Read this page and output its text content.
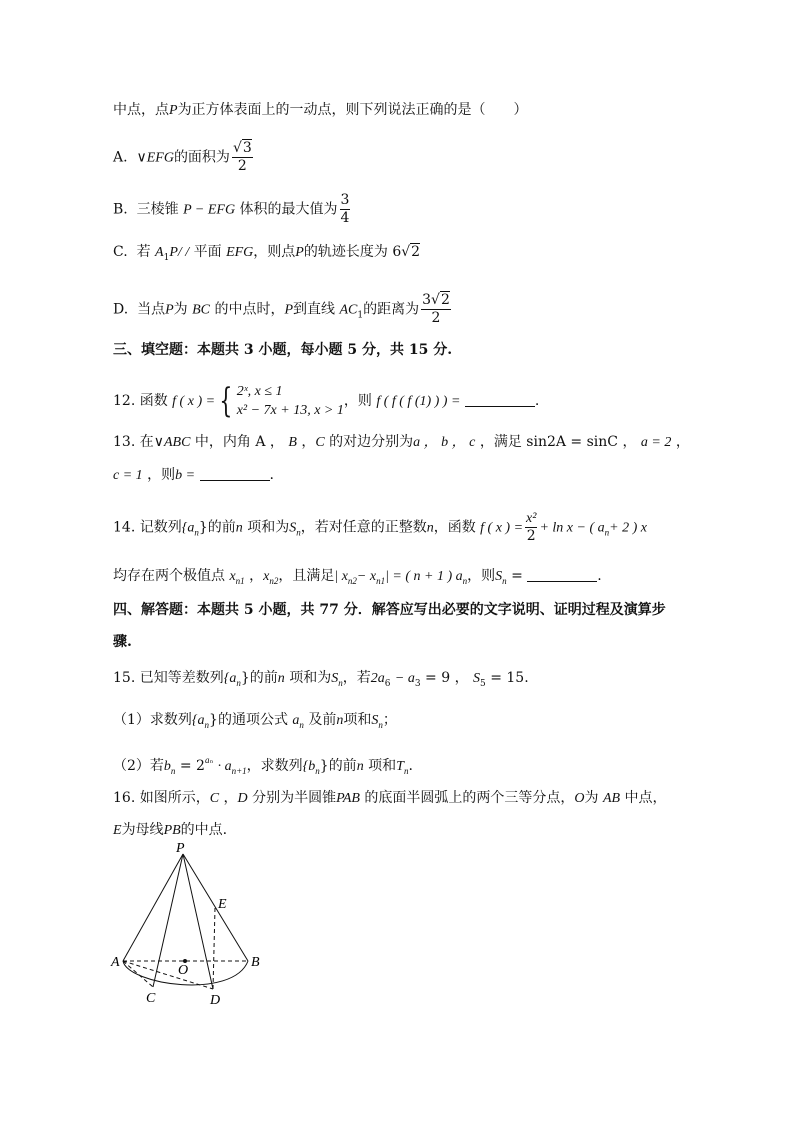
中点，点P为正方体表面上的一动点，则下列说法正确的是（　　）
A. ∨EFG的面积为 $\frac{√3}{2}$
B. 三棱锥 P − EFG 体积的最大值为 $\frac{3}{4}$
C. 若 $A_1P/$ / 平面 EFG，则点P的轨迹长度为 6√2
D. 当点P为 BC 的中点时，P到直线 $AC_1$的距离为 $\frac{3√2}{2}$
三、填空题：本题共 3 小题，每小题 5 分，共 15 分.
12. 函数 f ( x ) = { 2ˣ, x ≤ 1
x² − 7x + 13, x > 1
，则 f ( f ( f (1) ) ) =	.
13. 在∨ABC 中，内角 A ， B ，C 的对边分别为a ， b ， c ，满足 sin2A = sinC ， a = 2 ，
c = 1 ，则b =	.
14. 记数列$\{a_n\}$的前n 项和为$S_n$，若对任意的正整数n，函数 f ( x ) = $\frac{\text{x²}}{2} + \ln x$ − ( $a_n+ 2$ ) x
均存在两个极值点 $x_{n1}$ ，$x_{n2}$，且满足| $x_{n2}- x_{n1}|$ = ( n + 1 ) $a_n$，则$S_n$ =	.
四、解答题：本题共 5 小题，共 77 分．解答应写出必要的文字说明、证明过程及演算步
骤.
15. 已知等差数列$\{a_n\}$的前n 项和为$S_n$，若$2a_6 - a_3 = 9$ ， $S_5 = 15$.
（1）求数列$\{a_n\}$的通项公式 $a_n$ 及前n项和$S_n$；
（2）若$b_n = 2^{a_n} \cdot a_{n+1}$，求数列$\{b_n\}$的前n 项和$T_n$.
16. 如图所示，C ，D 分别为半圆锥PAB 的底面半圆弧上的两个三等分点，O为 AB 中点，
E为母线PB的中点.
P
E
A	B
O
C	D
